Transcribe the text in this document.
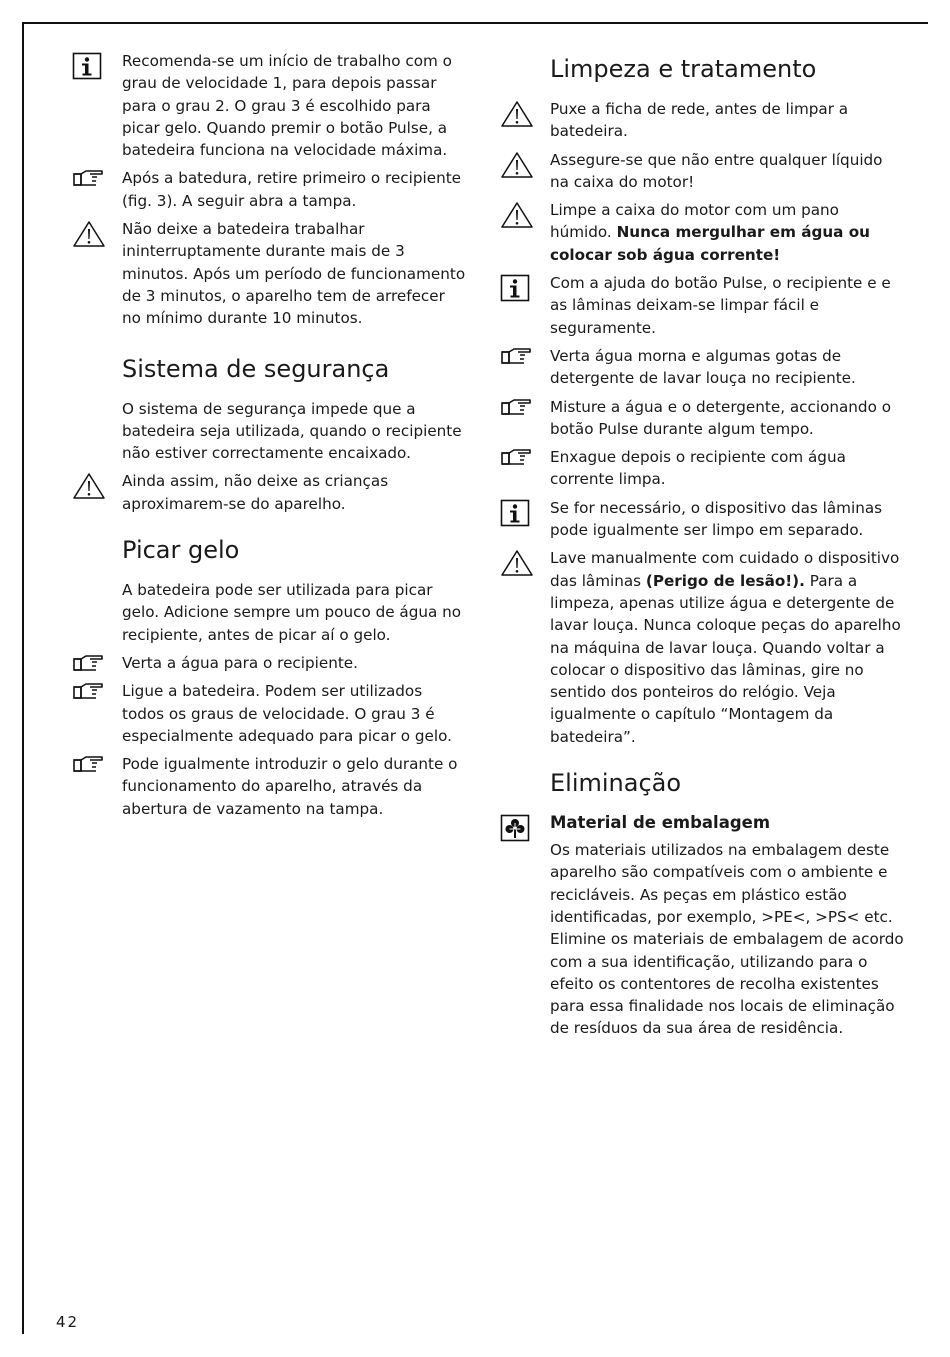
Recomenda-se um início de trabalho com o grau de velocidade 1, para depois passar para o grau 2. O grau 3 é escolhido para picar gelo. Quando premir o botão Pulse, a batedeira funciona na velocidade máxima.

Após a batedura, retire primeiro o recipiente (fig. 3). A seguir abra a tampa.

Não deixe a batedeira trabalhar ininterruptamente durante mais de 3 minutos. Após um período de funcionamento de 3 minutos, o aparelho tem de arrefecer no mínimo durante 10 minutos.

Sistema de segurança

O sistema de segurança impede que a batedeira seja utilizada, quando o recipiente não estiver correctamente encaixado.

Ainda assim, não deixe as crianças aproximarem-se do aparelho.

Picar gelo

A batedeira pode ser utilizada para picar gelo. Adicione sempre um pouco de água no recipiente, antes de picar aí o gelo.

Verta a água para o recipiente.

Ligue a batedeira. Podem ser utilizados todos os graus de velocidade. O grau 3 é especialmente adequado para picar o gelo.

Pode igualmente introduzir o gelo durante o funcionamento do aparelho, através da abertura de vazamento na tampa.

Limpeza e tratamento

Puxe a ficha de rede, antes de limpar a batedeira.

Assegure-se que não entre qualquer líquido na caixa do motor!

Limpe a caixa do motor com um pano húmido. Nunca mergulhar em água ou colocar sob água corrente!

Com a ajuda do botão Pulse, o recipiente e e as lâminas deixam-se limpar fácil e seguramente.

Verta água morna e algumas gotas de detergente de lavar louça no recipiente.

Misture a água e o detergente, accionando o botão Pulse durante algum tempo.

Enxague depois o recipiente com água corrente limpa.

Se for necessário, o dispositivo das lâminas pode igualmente ser limpo em separado.

Lave manualmente com cuidado o dispositivo das lâminas (Perigo de lesão!). Para a limpeza, apenas utilize água e detergente de lavar louça. Nunca coloque peças do aparelho na máquina de lavar louça. Quando voltar a colocar o dispositivo das lâminas, gire no sentido dos ponteiros do relógio. Veja igualmente o capítulo “Montagem da batedeira”.

Eliminação
Material de embalagem

Os materiais utilizados na embalagem deste aparelho são compatíveis com o ambiente e recicláveis. As peças em plástico estão identificadas, por exemplo, >PE<, >PS< etc. Elimine os materiais de embalagem de acordo com a sua identificação, utilizando para o efeito os contentores de recolha existentes para essa finalidade nos locais de eliminação de resíduos da sua área de residência.

42
